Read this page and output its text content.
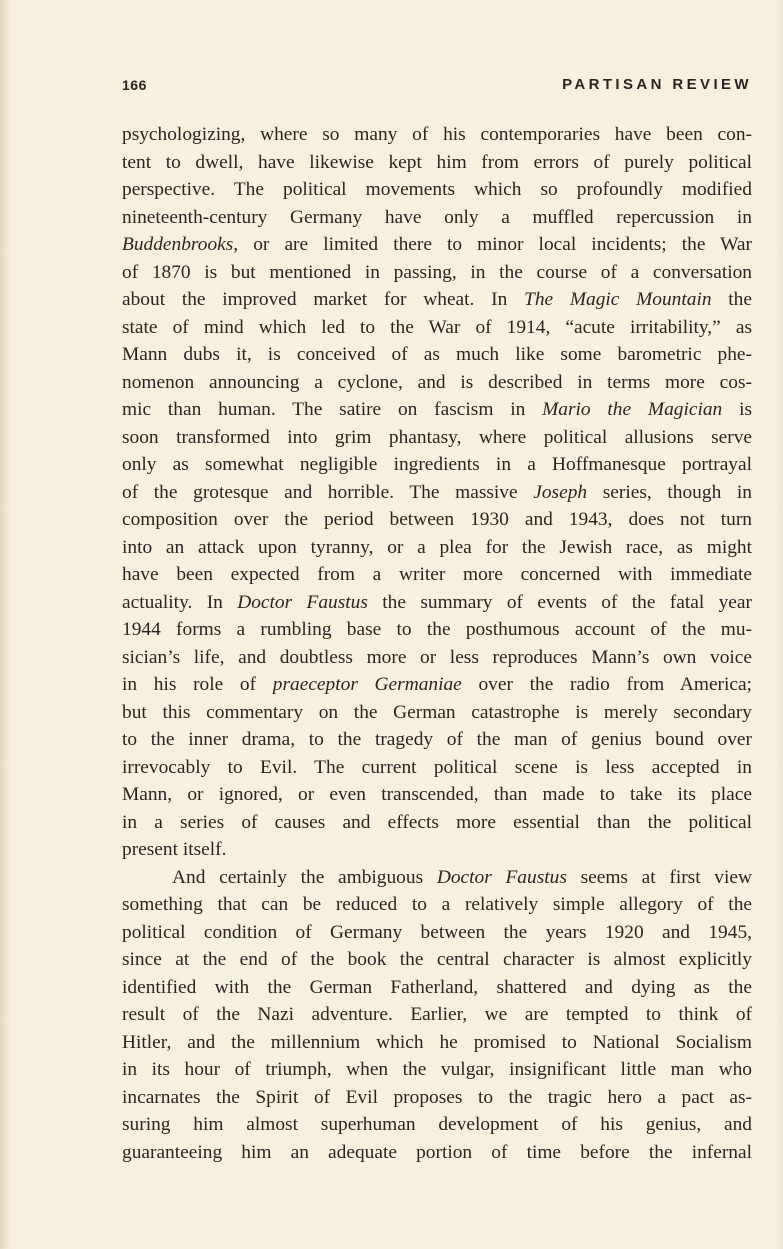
166	PARTISAN REVIEW
psychologizing, where so many of his contemporaries have been con-
tent to dwell, have likewise kept him from errors of purely political
perspective. The political movements which so profoundly modified
nineteenth-century Germany have only a muffled repercussion in
Buddenbrooks, or are limited there to minor local incidents; the War
of 1870 is but mentioned in passing, in the course of a conversation
about the improved market for wheat. In The Magic Mountain the
state of mind which led to the War of 1914, “acute irritability,” as
Mann dubs it, is conceived of as much like some barometric phe-
nomenon announcing a cyclone, and is described in terms more cos-
mic than human. The satire on fascism in Mario the Magician is
soon transformed into grim phantasy, where political allusions serve
only as somewhat negligible ingredients in a Hoffmanesque portrayal
of the grotesque and horrible. The massive Joseph series, though in
composition over the period between 1930 and 1943, does not turn
into an attack upon tyranny, or a plea for the Jewish race, as might
have been expected from a writer more concerned with immediate
actuality. In Doctor Faustus the summary of events of the fatal year
1944 forms a rumbling base to the posthumous account of the mu-
sician’s life, and doubtless more or less reproduces Mann’s own voice
in his role of praeceptor Germaniae over the radio from America;
but this commentary on the German catastrophe is merely secondary
to the inner drama, to the tragedy of the man of genius bound over
irrevocably to Evil. The current political scene is less accepted in
Mann, or ignored, or even transcended, than made to take its place
in a series of causes and effects more essential than the political
present itself.
And certainly the ambiguous Doctor Faustus seems at first view
something that can be reduced to a relatively simple allegory of the
political condition of Germany between the years 1920 and 1945,
since at the end of the book the central character is almost explicitly
identified with the German Fatherland, shattered and dying as the
result of the Nazi adventure. Earlier, we are tempted to think of
Hitler, and the millennium which he promised to National Socialism
in its hour of triumph, when the vulgar, insignificant little man who
incarnates the Spirit of Evil proposes to the tragic hero a pact as-
suring him almost superhuman development of his genius, and
guaranteeing him an adequate portion of time before the infernal
